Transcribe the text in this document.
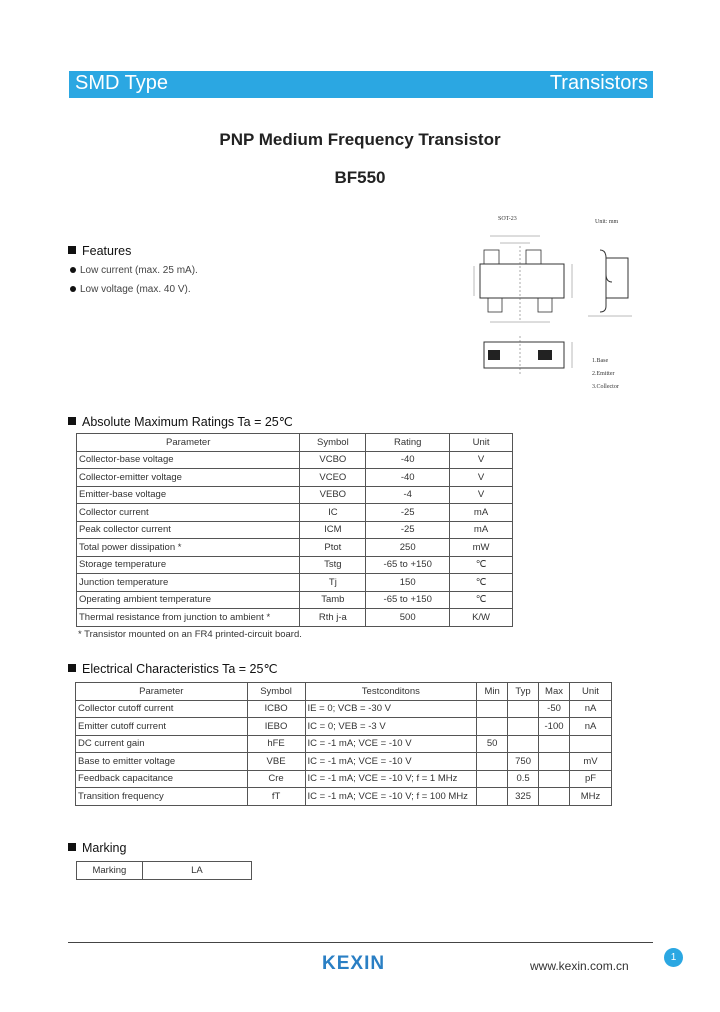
SMD Type	Transistors
PNP Medium Frequency Transistor
BF550
Features
Low current (max. 25 mA).
Low voltage (max. 40 V).
SOT-23	Unit: mm
1.Base
2.Emitter
3.Collector
Absolute Maximum Ratings Ta = 25℃
Parameter	Symbol	Rating	Unit
Collector-base voltage	VCBO	-40	V
Collector-emitter voltage	VCEO	-40	V
Emitter-base voltage	VEBO	-4	V
Collector current	IC	-25	mA
Peak collector current	ICM	-25	mA
Total power dissipation *	Ptot	250	mW
Storage temperature	Tstg	-65 to +150	℃
Junction temperature	Tj	150	℃
Operating ambient temperature	Tamb	-65 to +150	℃
Thermal resistance from junction to ambient *	Rth j-a	500	K/W
* Transistor mounted on an FR4 printed-circuit board.
Electrical Characteristics Ta = 25℃
Parameter	Symbol	Testconditons	Min	Typ	Max	Unit
Collector cutoff current	ICBO	IE = 0; VCB = -30 V			-50	nA
Emitter cutoff current	IEBO	IC = 0; VEB = -3 V			-100	nA
DC current gain	hFE	IC = -1 mA; VCE = -10 V	50			
Base to emitter voltage	VBE	IC = -1 mA; VCE = -10 V		750		mV
Feedback capacitance	Cre	IC = -1 mA; VCE = -10 V; f = 1 MHz		0.5		pF
Transition frequency	fT	IC = -1 mA; VCE = -10 V; f = 100 MHz		325		MHz
Marking
Marking	LA
KEXIN	www.kexin.com.cn
1
